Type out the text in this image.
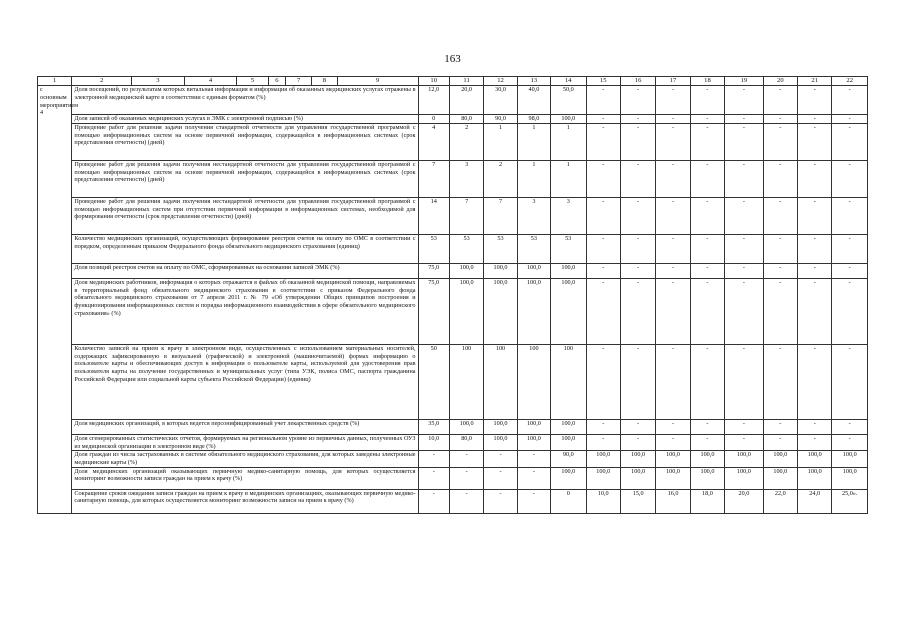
163
1	2	3	4	5	6	7	8	9	10	11	12	13	14	15	16	17	18	19	20	21	22
с основным мероприятием 4	Доля посещений, по результатам которых витальная информация и информация об оказанных медицинских услугах отражены в электронной медицинской карте в соответствии с единым форматом (%)								12,0	20,0	30,0	40,0	50,0	-	-	-	-	-	-	-	-
	Доля записей об оказанных медицинских услугах в ЭМК с электронной подписью (%)								0	80,0	90,0	98,0	100,0	-	-	-	-	-	-	-	-
	Проведение работ для решения задачи получения стандартной отчетности для управления государственной программой с помощью информационных систем на основе первичной информации, содержащейся в информационных системах (срок представления отчетности) (дней)								4	2	1	1	1	-	-	-	-	-	-	-	-
	Проведение работ для решения задачи получения нестандартной отчетности для управления государственной программой с помощью информационных систем на основе первичной информации, содержащейся в информационных системах (срок представления отчетности) (дней)								7	3	2	1	1	-	-	-	-	-	-	-	-
	Проведение работ для решения задачи получения нестандартной отчетности для управления государственной программой с помощью информационных систем при отсутствии первичной информации в информационных системах, необходимой для формирования отчетности (срок представления отчетности) (дней)								14	7	7	3	3	-	-	-	-	-	-	-	-
	Количество медицинских организаций, осуществляющих формирование реестров счетов на оплату по ОМС в соответствии с порядком, определенным приказом Федерального фонда обязательного медицинского страхования (единиц)								53	53	53	53	53	-	-	-	-	-	-	-	-
	Доля позиций реестров счетов на оплату по ОМС, сформированных на основании записей ЭМК (%)								75,0	100,0	100,0	100,0	100,0	-	-	-	-	-	-	-	-
	Доля медицинских работников, информация о которых отражается в файлах об оказанной медицинской помощи, направляемых в территориальный фонд обязательного медицинского страхования в соответствии с приказом Федерального фонда обязательного медицинского страхования от 7 апреля 2011 г. № 79 «Об утверждении Общих принципов построения и функционирования информационных систем и порядка информационного взаимодействия в сфере обязательного медицинского страхования» (%)								75,0	100,0	100,0	100,0	100,0	-	-	-	-	-	-	-	-
	Количество записей на прием к врачу в электронном виде, осуществленных с использованием материальных носителей, содержащих зафиксированную в визуальной (графической) и электронной (машиночитаемой) формах информацию о пользователе карты и обеспечивающих доступ к информации о пользователе карты, используемой для удостоверения прав пользователя карты на получение государственных и муниципальных услуг (типа УЭК, полиса ОМС, паспорта гражданина Российской Федерации или социальной карты субъекта Российской Федерации) (единиц)								50	100	100	100	100	-	-	-	-	-	-	-	-
	Доля медицинских организаций, в которых ведется персонифицированный учет лекарственных средств (%)								35,0	100,0	100,0	100,0	100,0	-	-	-	-	-	-	-	-
	Доля сгенерированных статистических отчетов, формируемых на региональном уровне из первичных данных, полученных ОУЗ из медицинской организации в электронном виде (%)								10,0	80,0	100,0	100,0	100,0	-	-	-	-	-	-	-	-
	Доля граждан из числа застрахованных в системе обязательного медицинского страхования, для которых заведены электронные медицинские карты (%)								-	-	-	-	90,0	100,0	100,0	100,0	100,0	100,0	100,0	100,0	100,0
	Доля медицинских организаций оказывающих первичную медико-санитарную помощь, для которых осуществляется мониторинг возможности записи граждан на прием к врачу (%)								-	-	-	-	100,0	100,0	100,0	100,0	100,0	100,0	100,0	100,0	100,0
	Сокращение сроков ожидания записи граждан на прием к врачу в медицинских организациях, оказывающих первичную медико-санитарную помощь, для которых осуществляется мониторинг возможности записи на прием к врачу (%)								-	-	-	-	0	10,0	15,0	16,0	18,0	20,0	22,0	24,0	25,0».
